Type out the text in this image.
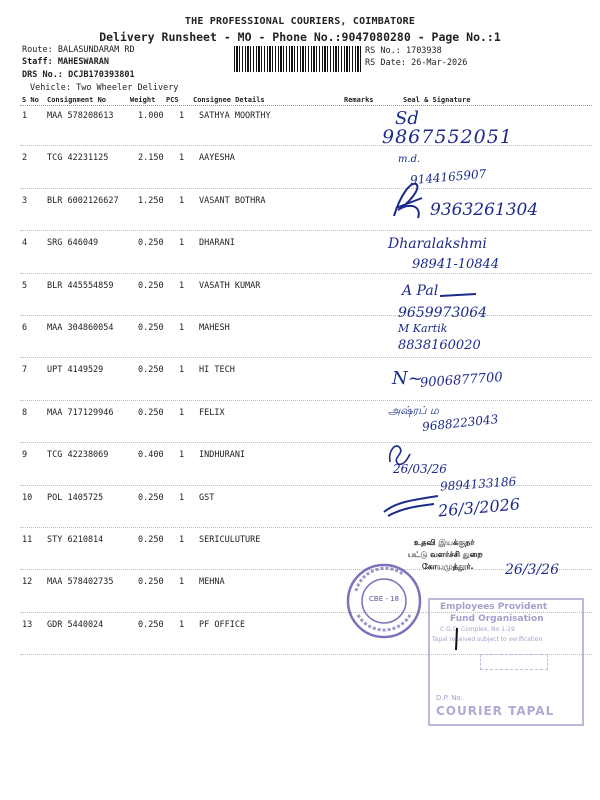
THE PROFESSIONAL COURIERS, COIMBATORE
Delivery Runsheet - MO - Phone No.:9047080280 - Page No.:1
Route: BALASUNDARAM RD
Staff: MAHESWARAN
DRS No.: DCJB170393801
Vehicle: Two Wheeler Delivery
RS No.: 1703938
RS Date: 26-Mar-2026
S No Consignment No	Weight PCS Consignee Details	Remarks	Seal & Signature
1 MAA 578208613	1.000 1 SATHYA MOORTHY
2 TCG 42231125	2.150 1 AAYESHA
3 BLR 6002126627 1.250 1 VASANT BOTHRA
4 SRG 646049	0.250 1 DHARANI
5 BLR 445554859	0.250 1 VASATH KUMAR
6 MAA 304860054	0.250 1 MAHESH
7 UPT 4149529	0.250 1 HI TECH
8 MAA 717129946	0.250 1 FELIX
9 TCG 42238069	0.400 1 INDHURANI
10 POL 1405725	0.250 1 GST
11 STY 6210814	0.250 1 SERICULUTURE
12 MAA 578402735	0.250 1 MEHNA
13 GDR 5440024	0.250 1 PF OFFICE
Sd
9867552051
m.d.
9144165907
9363261304
Dharalakshmi
98941-10844
A Pal
9659973064
M Kartik
8838160020
N~
9006877700
அஷ்ரப் ம
9688223043
26/03/26
9894133186
26/3/2026
உதவி இயக்குநர்
பட்டு வளர்ச்சி துறை
கோயமுத்தூர். 26/3/26
CBE - 18
Employees Provident
Fund Organisation
C.G.O. Complex, No 1-19
Tapal received subject to verification
D.P. No.
COURIER TAPAL
